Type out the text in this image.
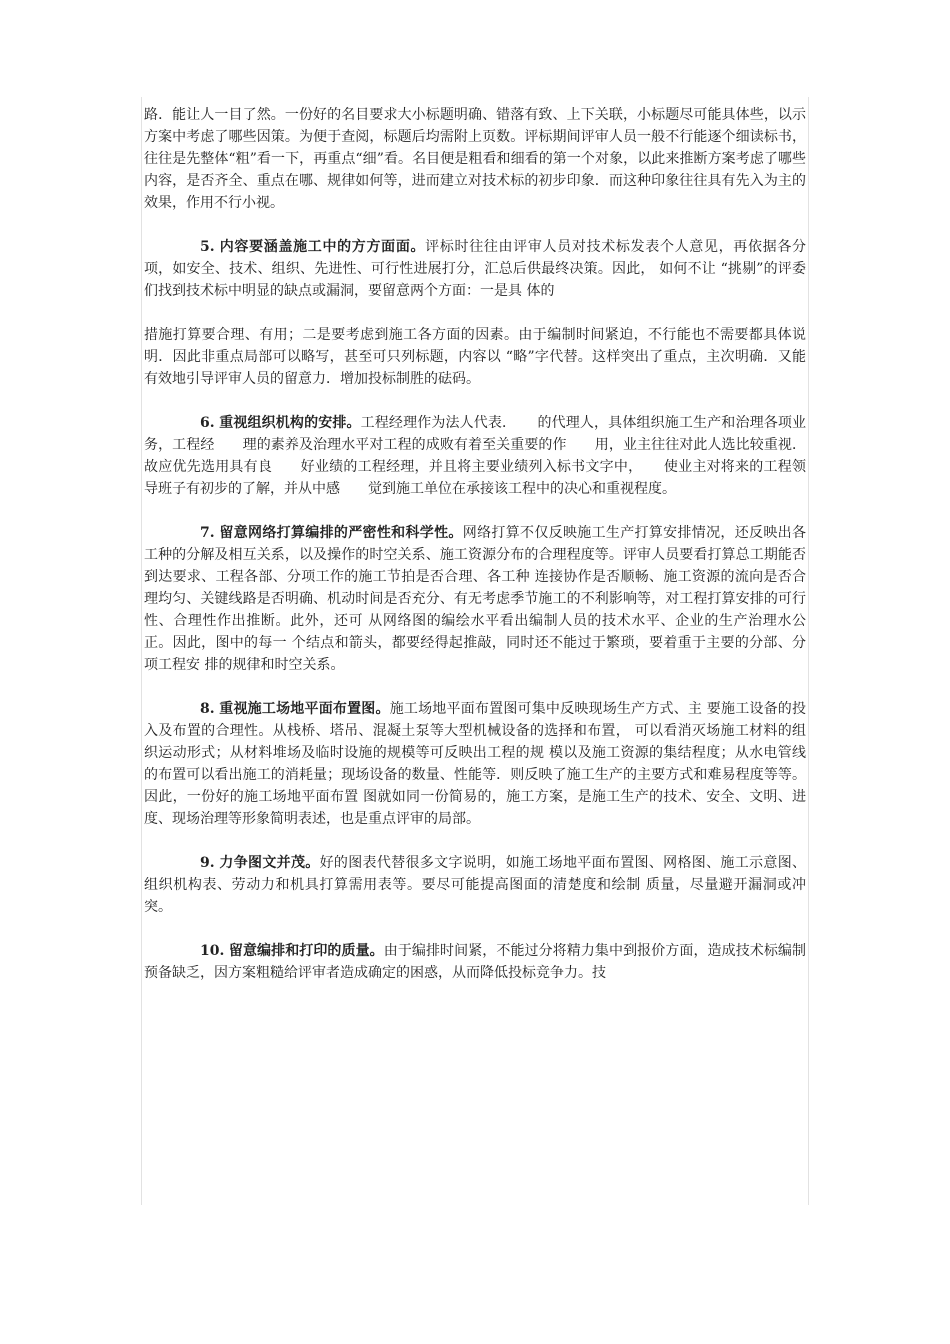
路．能让人一目了然。一份好的名目要求大小标题明确、错落有致、上下关联，小标题尽可能具体些，以示方案中考虑了哪些因策。为便于查阅，标题后均需附上页数。评标期间评审人员一般不行能逐个细读标书，往往是先整体“粗”看一下，再重点“细”看。名目便是粗看和细看的第一个对象，以此来推断方案考虑了哪些内容，是否齐全、重点在哪、规律如何等，进而建立对技术标的初步印象．而这种印象往往具有先入为主的效果，作用不行小视。

5. 内容要涵盖施工中的方方面面。评标时往往由评审人员对技术标发表个人意见，再依据各分项，如安全、技术、组织、先进性、可行性进展打分，汇总后供最终决策。因此， 如何不让 “挑剔”的评委们找到技术标中明显的缺点或漏洞，要留意两个方面：一是具 体的

措施打算要合理、有用；二是要考虑到施工各方面的因素。由于编制时间紧迫，不行能也不需要都具体说明．因此非重点局部可以略写，甚至可只列标题，内容以 “略”字代替。这样突出了重点，主次明确．又能有效地引导评审人员的留意力．增加投标制胜的砝码。

6. 重视组织机构的安排。工程经理作为法人代表．　　的代理人，具体组织施工生产和治理各项业务，工程经　　理的素养及治理水平对工程的成败有着至关重要的作　　用，业主往往对此人选比较重视．故应优先选用具有良　　好业绩的工程经理，并且将主要业绩列入标书文字中，　　使业主对将来的工程领导班子有初步的了解，并从中感　　觉到施工单位在承接该工程中的决心和重视程度。

7. 留意网络打算编排的严密性和科学性。网络打算不仅反映施工生产打算安排情况，还反映出各工种的分解及相互关系，以及操作的时空关系、施工资源分布的合理程度等。评审人员要看打算总工期能否到达要求、工程各部、分项工作的施工节拍是否合理、各工种 连接协作是否顺畅、施工资源的流向是否合理均匀、关键线路是否明确、机动时间是否充分、有无考虑季节施工的不利影响等，对工程打算安排的可行性、合理性作出推断。此外，还可 从网络图的编绘水平看出编制人员的技术水平、企业的生产治理水公正。因此，图中的每一 个结点和箭头，都要经得起推敲，同时还不能过于繁琐，要着重于主要的分部、分项工程安 排的规律和时空关系。

8. 重视施工场地平面布置图。施工场地平面布置图可集中反映现场生产方式、主 要施工设备的投入及布置的合理性。从栈桥、塔吊、混凝土泵等大型机械设备的选择和布置， 可以看消灭场施工材料的组织运动形式；从材料堆场及临时设施的规模等可反映出工程的规 模以及施工资源的集结程度；从水电管线的布置可以看出施工的消耗量；现场设备的数量、性能等．则反映了施工生产的主要方式和难易程度等等。因此，一份好的施工场地平面布置 图就如同一份简易的，施工方案，是施工生产的技术、安全、文明、进度、现场治理等形象简明表述，也是重点评审的局部。

9. 力争图文并茂。好的图表代替很多文字说明，如施工场地平面布置图、网格图、施工示意图、组织机构表、劳动力和机具打算需用表等。要尽可能提高图面的清楚度和绘制 质量，尽量避开漏洞或冲突。

10. 留意编排和打印的质量。由于编排时间紧，不能过分将精力集中到报价方面，造成技术标编制预备缺乏，因方案粗糙给评审者造成确定的困惑，从而降低投标竞争力。技
